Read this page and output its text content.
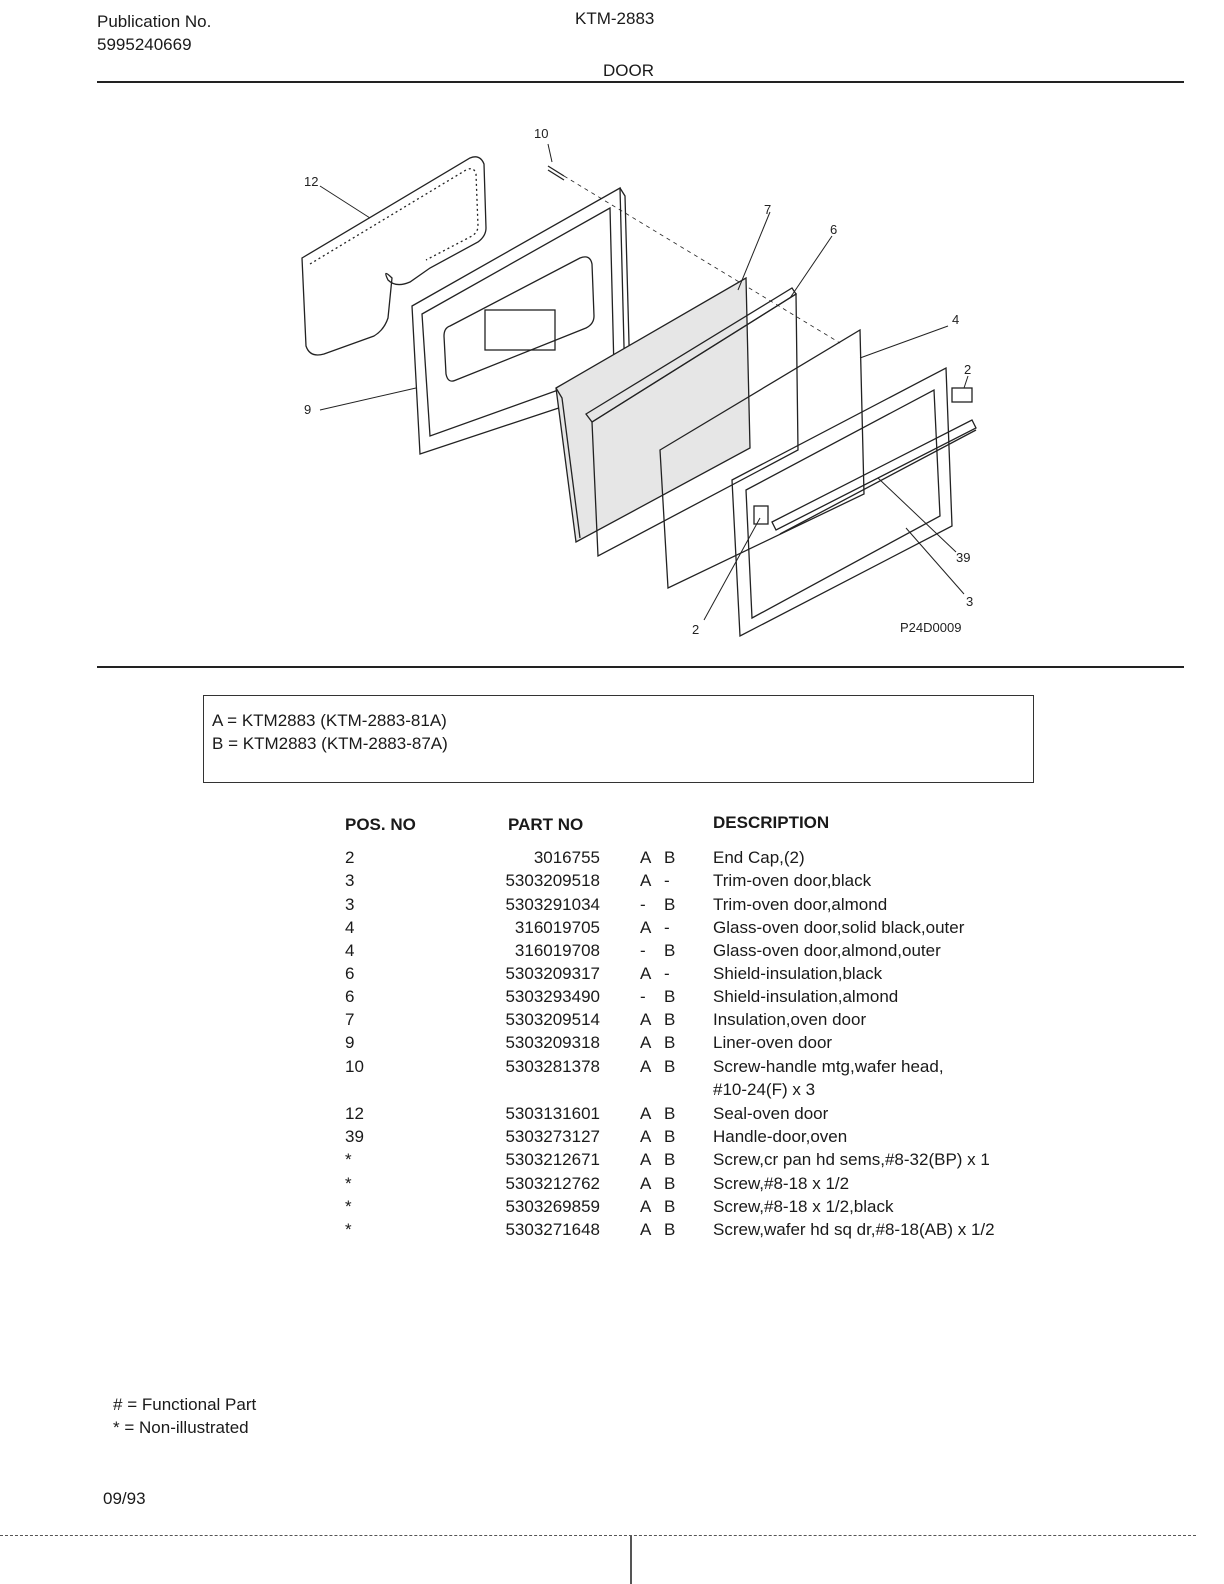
Publication No.
5995240669
KTM-2883
DOOR
10
12
7
6
4
2
9
39
3
2	P24D0009
A = KTM2883 (KTM-2883-81A)
B = KTM2883 (KTM-2883-87A)
POS. NO	PART NO	DESCRIPTION
2	3016755 A B End Cap,(2)
3	5303209518 A -	Trim-oven door,black
3	5303291034 - B Trim-oven door,almond
4	316019705 A -	Glass-oven door,solid black,outer
4	316019708 - B Glass-oven door,almond,outer
6	5303209317 A -	Shield-insulation,black
6	5303293490 - B Shield-insulation,almond
7	5303209514 A B Insulation,oven door
9	5303209318 A B Liner-oven door
10	5303281378 A B Screw-handle mtg,wafer head,
#10-24(F) x 3
12	5303131601 A B Seal-oven door
39	5303273127 A B Handle-door,oven
*	5303212671 A B Screw,cr pan hd sems,#8-32(BP) x 1
*	5303212762 A B Screw,#8-18 x 1/2
*	5303269859 A B Screw,#8-18 x 1/2,black
*	5303271648 A B Screw,wafer hd sq dr,#8-18(AB) x 1/2
# = Functional Part
* = Non-illustrated
09/93
